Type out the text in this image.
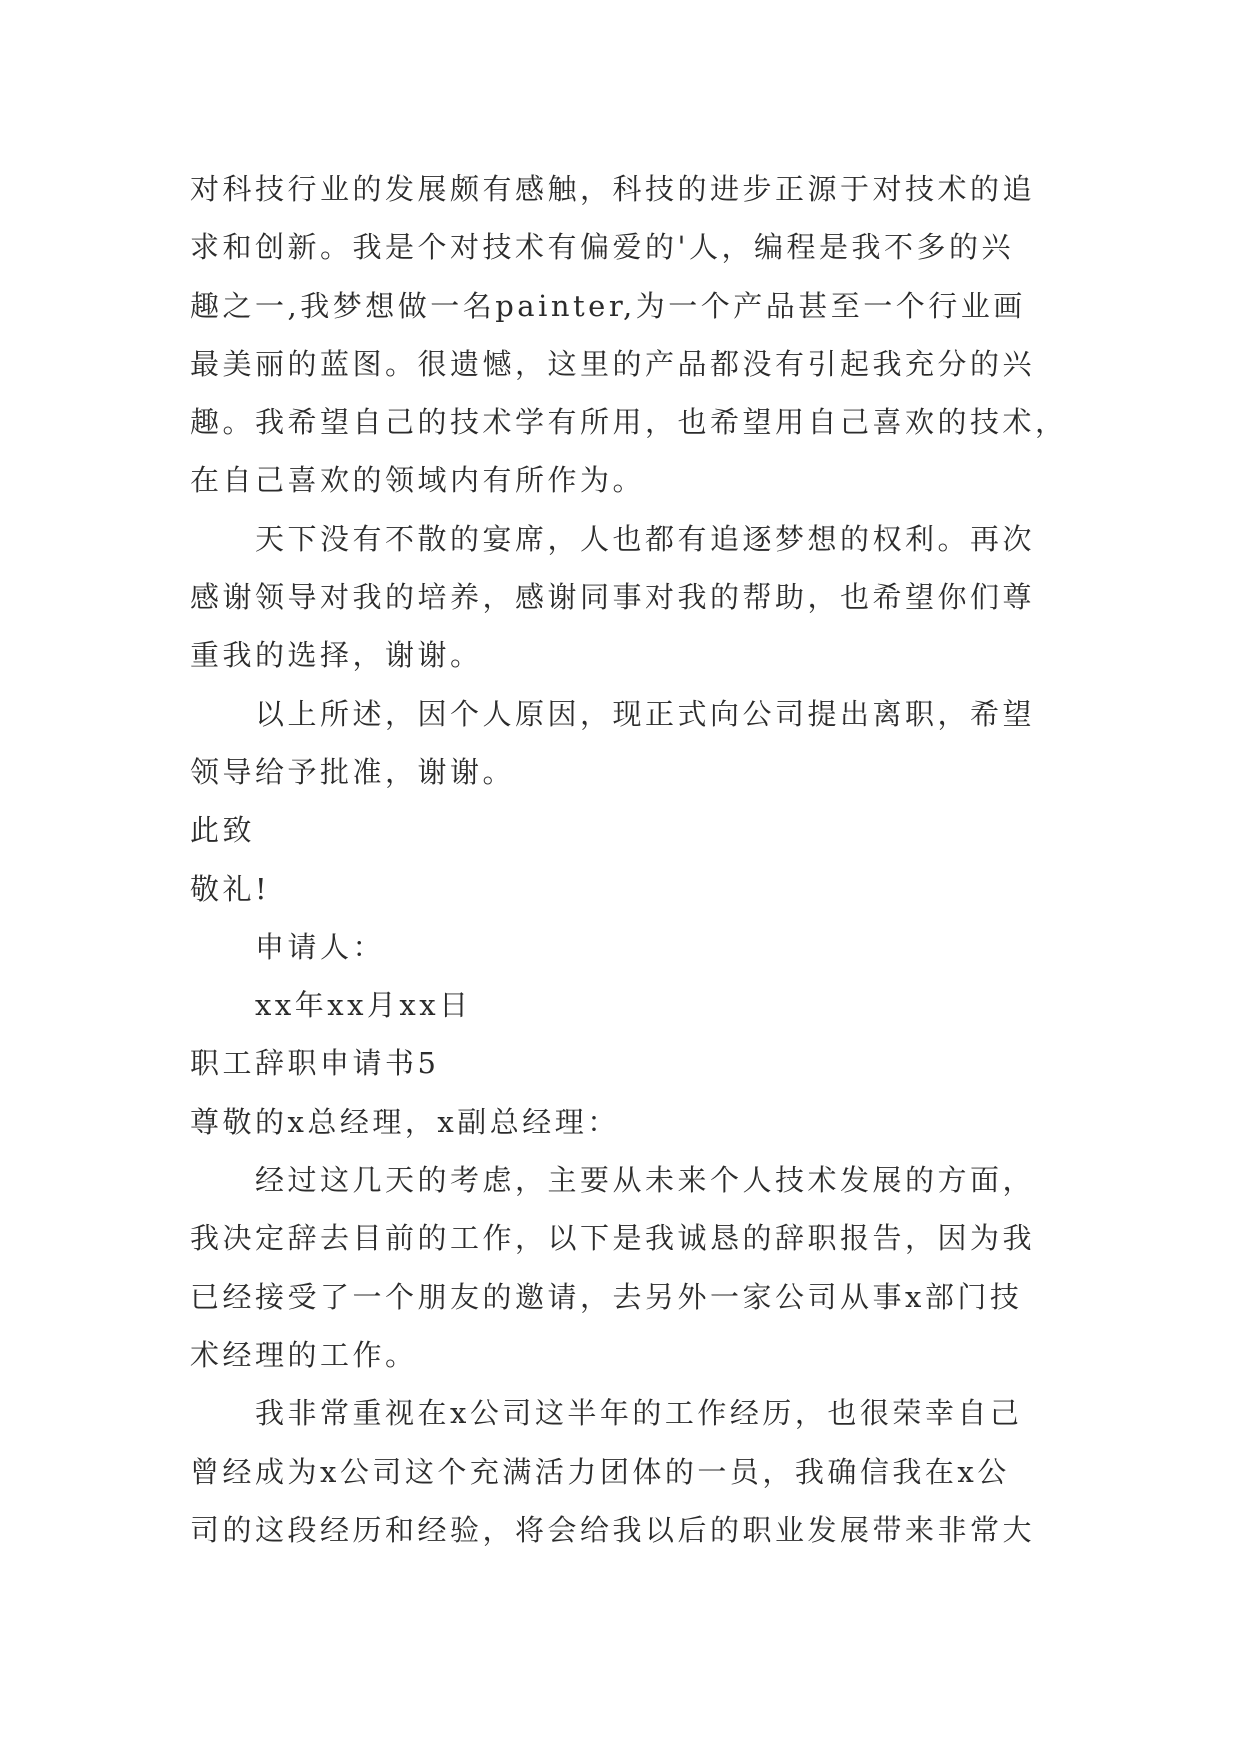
对科技行业的发展颇有感触，科技的进步正源于对技术的追
求和创新。我是个对技术有偏爱的'人，编程是我不多的兴
趣之一,我梦想做一名painter,为一个产品甚至一个行业画
最美丽的蓝图。很遗憾，这里的产品都没有引起我充分的兴
趣。我希望自己的技术学有所用，也希望用自己喜欢的技术，
在自己喜欢的领域内有所作为。
天下没有不散的宴席，人也都有追逐梦想的权利。再次
感谢领导对我的培养，感谢同事对我的帮助，也希望你们尊
重我的选择，谢谢。
以上所述，因个人原因，现正式向公司提出离职，希望
领导给予批准，谢谢。
此致
敬礼!
申请人：
xx年xx月xx日
职工辞职申请书5
尊敬的x总经理，x副总经理：
经过这几天的考虑，主要从未来个人技术发展的方面，
我决定辞去目前的工作，以下是我诚恳的辞职报告，因为我
已经接受了一个朋友的邀请，去另外一家公司从事x部门技
术经理的工作。
我非常重视在x公司这半年的工作经历，也很荣幸自己
曾经成为x公司这个充满活力团体的一员，我确信我在x公
司的这段经历和经验，将会给我以后的职业发展带来非常大
